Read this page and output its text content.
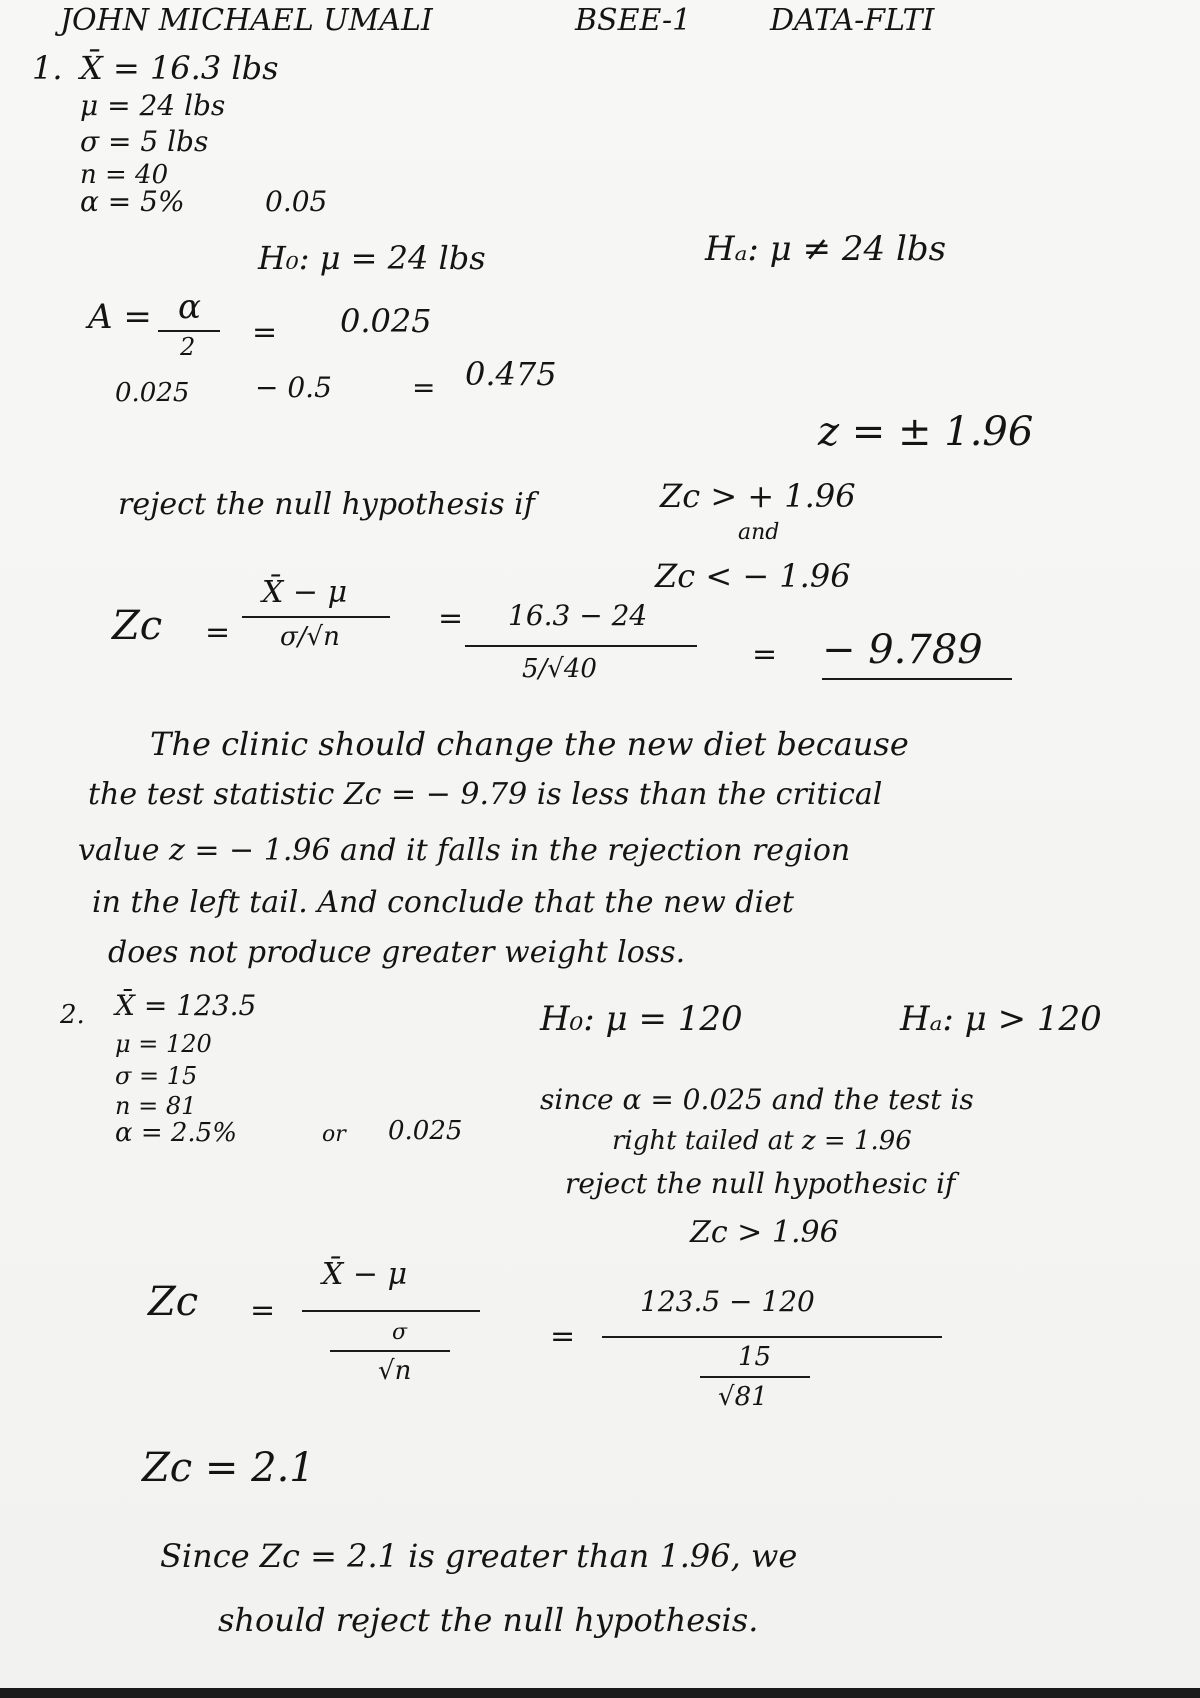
JOHN MICHAEL UMALI	BSEE-1	DATA-FLTI
1. X̄ = 16.3 lbs
μ = 24 lbs
σ = 5 lbs
n = 40
α = 5%	0.05
H₀: μ = 24 lbs	Hₐ: μ ≠ 24 lbs
A = α
2 = 0.025
0.025 − 0.5	= 0.475
z = ± 1.96
reject the null hypothesis if	Zc > + 1.96
and
Zc < − 1.96
Zc =
X̄ − μ
σ/√n
= 16.3 − 24
5/√40	= − 9.789
The clinic should change the new diet because
the test statistic Zc = − 9.79 is less than the critical
value z = − 1.96 and it falls in the rejection region
in the left tail. And conclude that the new diet
does not produce greater weight loss.
2. X̄ = 123.5
μ = 120
σ = 15
n = 81
α = 2.5%	or 0.025
H₀: μ = 120	Hₐ: μ > 120
since α = 0.025 and the test is
right tailed at z = 1.96
reject the null hypothesic if
Zc > 1.96
Zc =
X̄ − μ
σ
√n
=
123.5 − 120
15
√81
Zc = 2.1
Since Zc = 2.1 is greater than 1.96, we
should reject the null hypothesis.
